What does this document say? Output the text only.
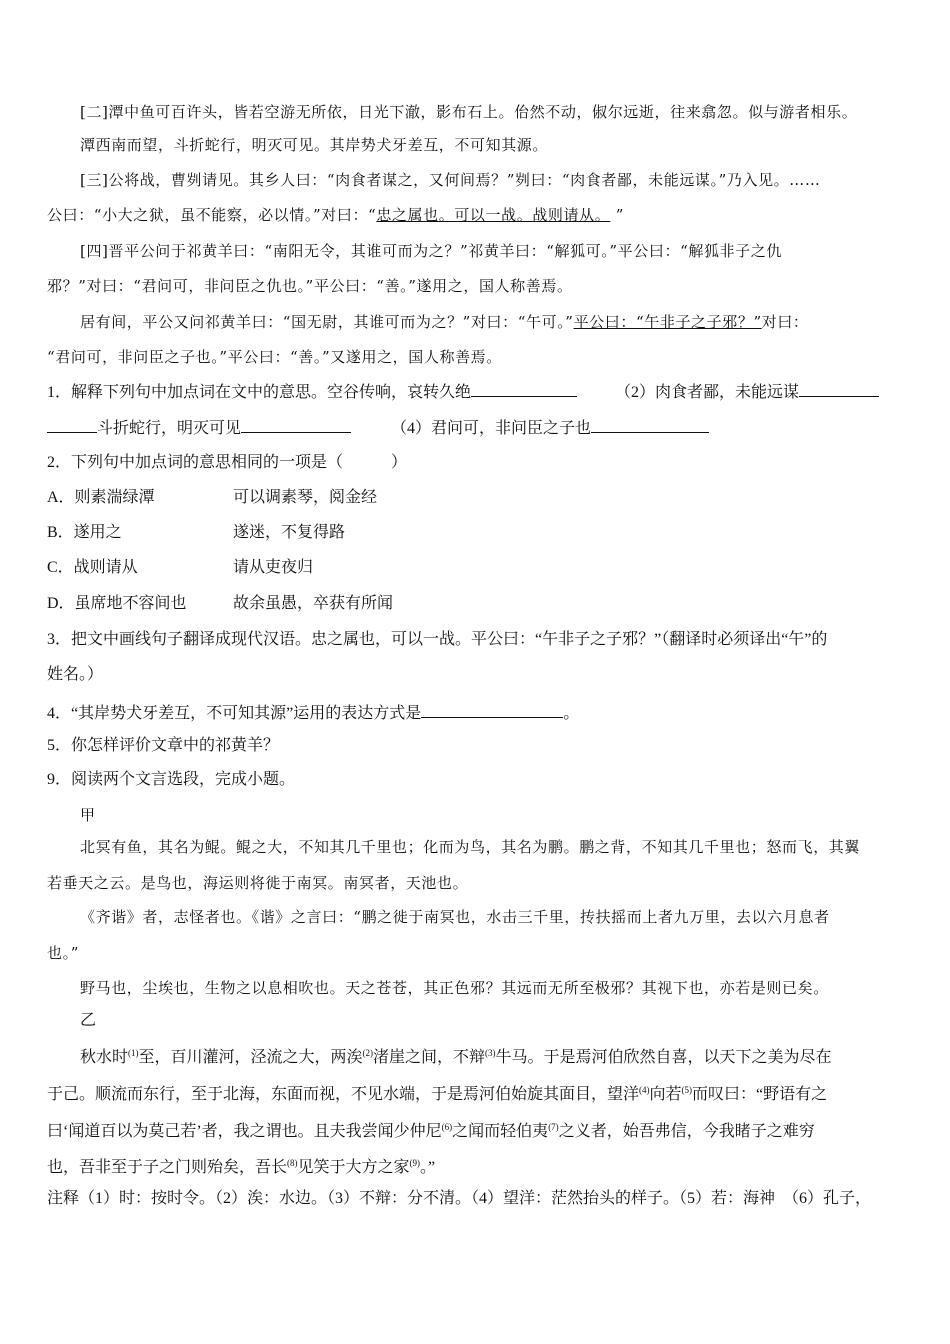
[二]潭中鱼可百许头，皆若空游无所依，日光下澈，影布石上。佁然不动，俶尔远逝，往来翕忽。似与游者相乐。
潭西南而望，斗折蛇行，明灭可见。其岸势犬牙差互，不可知其源。
[三]公将战，曹刿请见。其乡人曰：“肉食者谋之，又何间焉？”刿曰：“肉食者鄙，未能远谋。”乃入见。……
公曰：“小大之狱，虽不能察，必以情。”对曰：“忠之属也。可以一战。战则请从。 ”
[四]晋平公问于祁黄羊曰：“南阳无令，其谁可而为之？”祁黄羊曰：“解狐可。”平公曰：“解狐非子之仇
邪？”对曰：“君问可，非问臣之仇也。”平公曰：“善。”遂用之，国人称善焉。
居有间，平公又问祁黄羊曰：“国无尉，其谁可而为之？”对曰：“午可。”平公曰：“午非子之子邪？”对曰：
“君问可，非问臣之子也。”平公曰：“善。”又遂用之，国人称善焉。
1．解释下列句中加点词在文中的意思。空谷传响，哀转久绝	（2）肉食者鄙，未能远谋
斗折蛇行，明灭可见	（4）君问可，非问臣之子也
2．下列句中加点词的意思相同的一项是（　　　）
A．则素湍绿潭	可以调素琴，阅金经
B．遂用之	遂迷，不复得路
C．战则请从	请从吏夜归
D．虽席地不容间也	故余虽愚，卒获有所闻
3．把文中画线句子翻译成现代汉语。忠之属也，可以一战。平公曰：“午非子之子邪？”（翻译时必须译出“午”的
姓名。）
4．“其岸势犬牙差互，不可知其源”运用的表达方式是	。
5．你怎样评价文章中的祁黄羊？
9．阅读两个文言选段，完成小题。
甲
北冥有鱼，其名为鲲。鲲之大，不知其几千里也；化而为鸟，其名为鹏。鹏之背，不知其几千里也；怒而飞，其翼
若垂天之云。是鸟也，海运则将徙于南冥。南冥者，天池也。
《齐谐》者，志怪者也。《谐》之言曰：“鹏之徙于南冥也，水击三千里，抟扶摇而上者九万里，去以六月息者
也。”
野马也，尘埃也，生物之以息相吹也。天之苍苍，其正色邪？其远而无所至极邪？其视下也，亦若是则已矣。
乙
秋水时$^{(1)}$至，百川灌河，泾流之大，两涘$^{(2)}$渚崖之间，不辩$^{(3)}$牛马。于是焉河伯欣然自喜，以天下之美为尽在
于己。顺流而东行，至于北海，东面而视，不见水端，于是焉河伯始旋其面目，望洋$^{(4)}$向若$^{(5)}$而叹曰：“野语有之
曰‘闻道百以为莫己若’者，我之谓也。且夫我尝闻少仲尼$^{(6)}$之闻而轻伯夷$^{(7)}$之义者，始吾弗信，今我睹子之难穷
也，吾非至于子之门则殆矣，吾长$^{(8)}$见笑于大方之家$^{(9)}$。”
注释（1）时：按时令。（2）涘：水边。（3）不辩：分不清。（4）望洋：茫然抬头的样子。（5）若：海神　（6）孔子，
